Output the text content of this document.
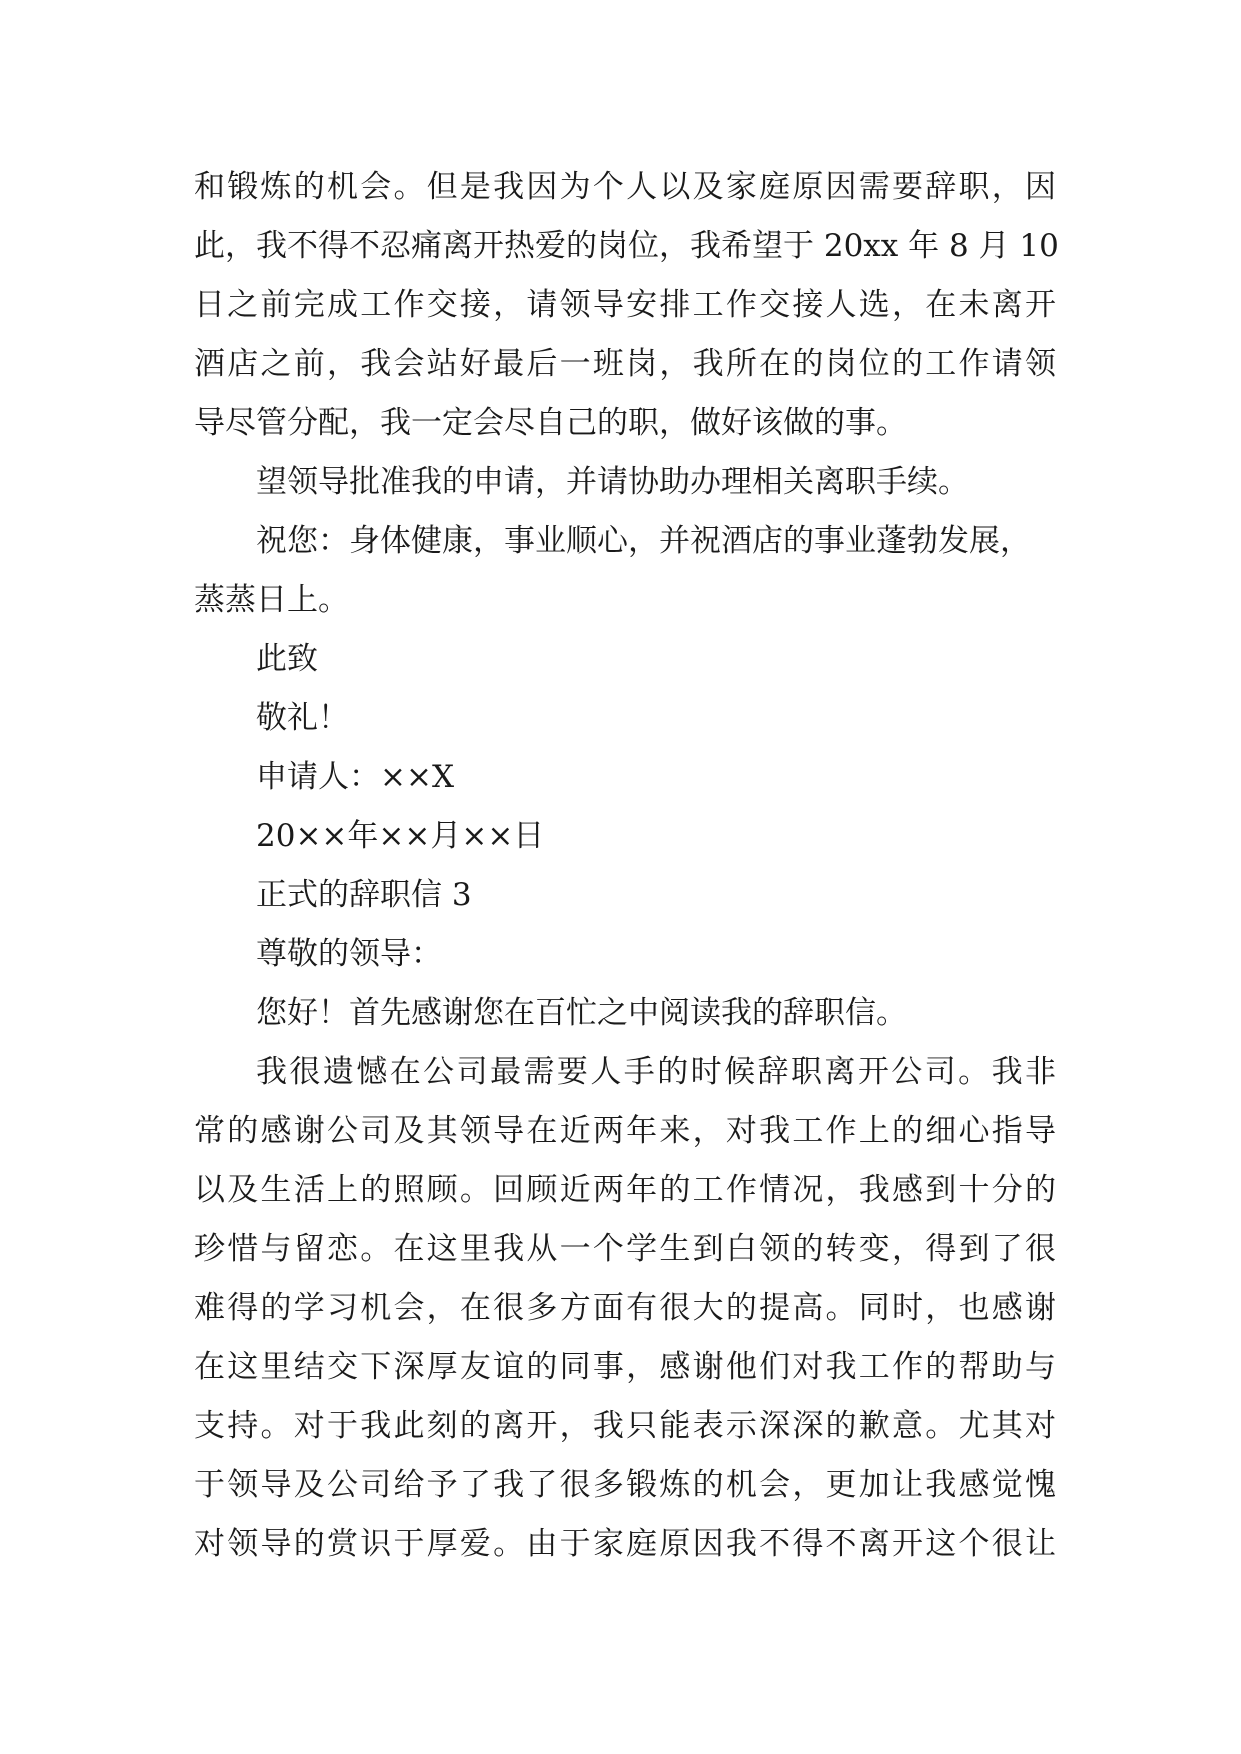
和锻炼的机会。但是我因为个人以及家庭原因需要辞职，因
此，我不得不忍痛离开热爱的岗位，我希望于 20xx 年 8 月 10
日之前完成工作交接，请领导安排工作交接人选，在未离开
酒店之前，我会站好最后一班岗，我所在的岗位的工作请领
导尽管分配，我一定会尽自己的职，做好该做的事。
望领导批准我的申请，并请协助办理相关离职手续。
祝您：身体健康，事业顺心，并祝酒店的事业蓬勃发展，
蒸蒸日上。
此致
敬礼！
申请人：××X
20××年××月××日
正式的辞职信 3
尊敬的领导：
您好！首先感谢您在百忙之中阅读我的辞职信。
我很遗憾在公司最需要人手的时候辞职离开公司。我非
常的感谢公司及其领导在近两年来，对我工作上的细心指导
以及生活上的照顾。回顾近两年的工作情况，我感到十分的
珍惜与留恋。在这里我从一个学生到白领的转变，得到了很
难得的学习机会，在很多方面有很大的提高。同时，也感谢
在这里结交下深厚友谊的同事，感谢他们对我工作的帮助与
支持。对于我此刻的离开，我只能表示深深的歉意。尤其对
于领导及公司给予了我了很多锻炼的机会，更加让我感觉愧
对领导的赏识于厚爱。由于家庭原因我不得不离开这个很让
